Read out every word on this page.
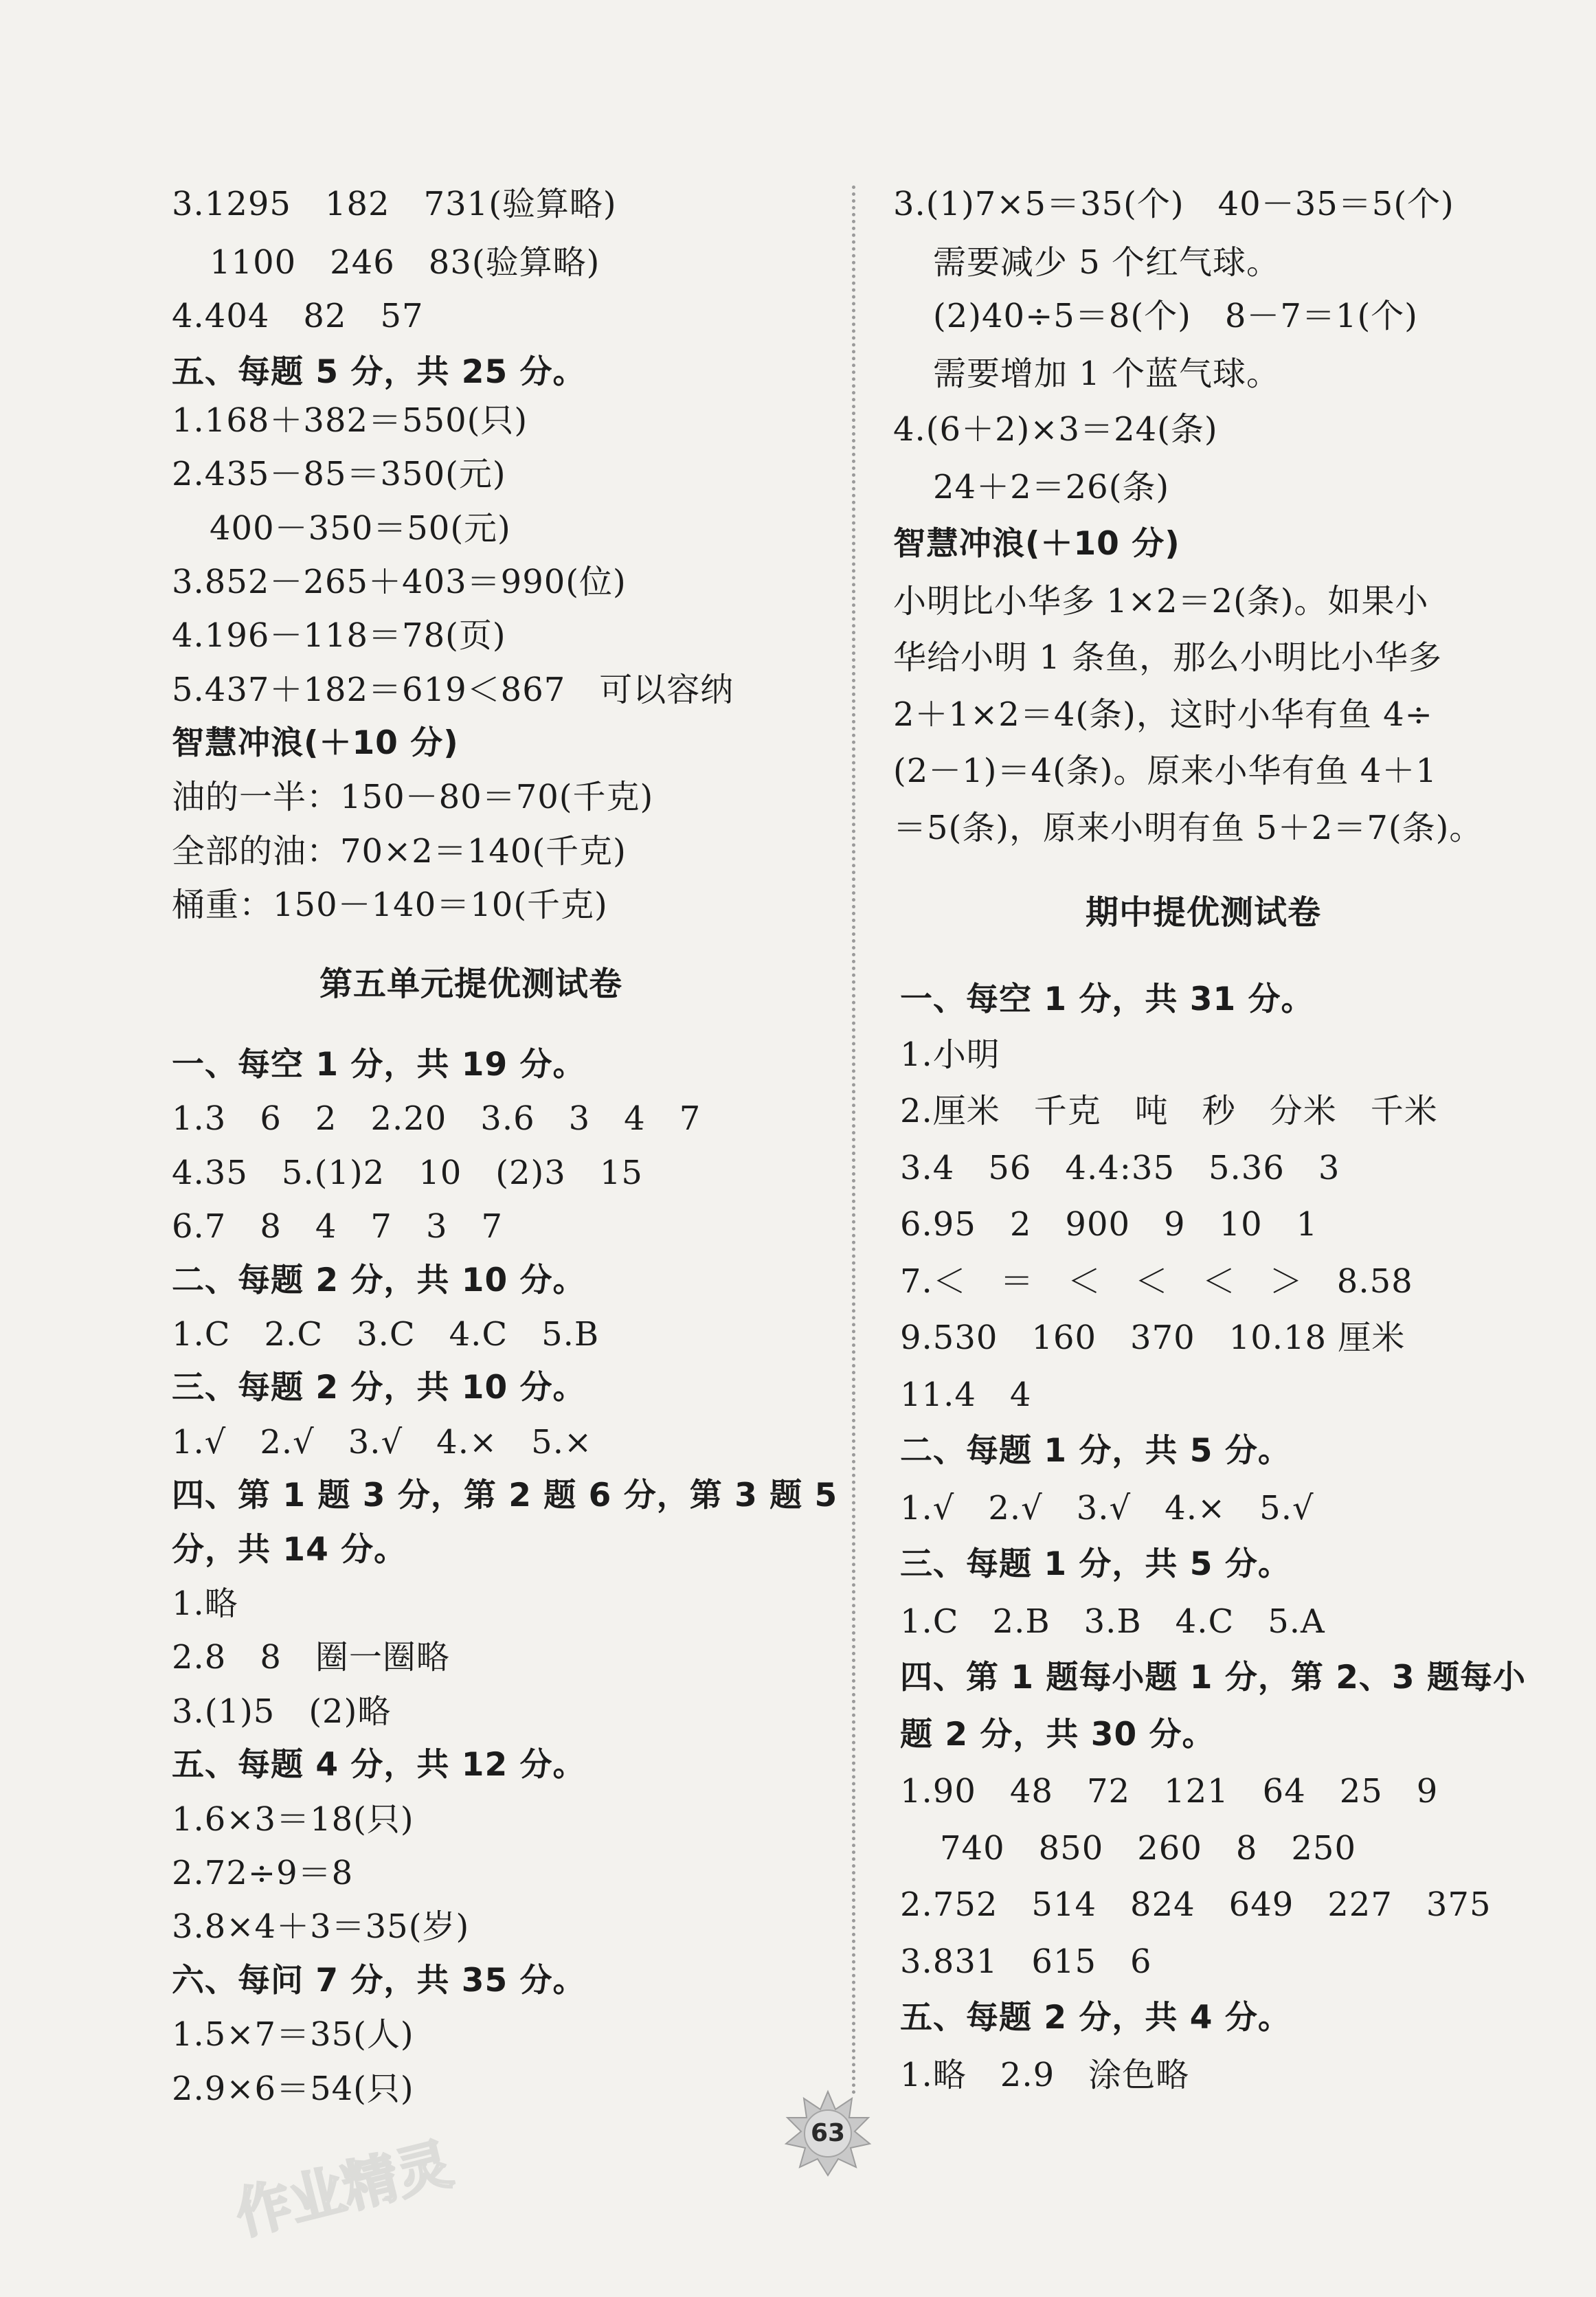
3.1295　182　731(验算略)
1100　246　83(验算略)
4.404　82　57
五、每题 5 分，共 25 分。
1.168＋382＝550(只)
2.435－85＝350(元)
400－350＝50(元)
3.852－265＋403＝990(位)
4.196－118＝78(页)
5.437＋182＝619＜867　可以容纳
智慧冲浪(＋10 分)
油的一半：150－80＝70(千克)
全部的油：70×2＝140(千克)
桶重：150－140＝10(千克)
第五单元提优测试卷
一、每空 1 分，共 19 分。
1.3　6　2　2.20　3.6　3　4　7
4.35　5.(1)2　10　(2)3　15
6.7　8　4　7　3　7
二、每题 2 分，共 10 分。
1.C　2.C　3.C　4.C　5.B
三、每题 2 分，共 10 分。
1.√　2.√　3.√　4.×　5.×
四、第 1 题 3 分，第 2 题 6 分，第 3 题 5
分，共 14 分。
1.略
2.8　8　圈一圈略
3.(1)5　(2)略
五、每题 4 分，共 12 分。
1.6×3＝18(只)
2.72÷9＝8
3.8×4＋3＝35(岁)
六、每问 7 分，共 35 分。
1.5×7＝35(人)
2.9×6＝54(只)
3.(1)7×5＝35(个)　40－35＝5(个)
需要减少 5 个红气球。
(2)40÷5＝8(个)　8－7＝1(个)
需要增加 1 个蓝气球。
4.(6＋2)×3＝24(条)
24＋2＝26(条)
智慧冲浪(＋10 分)
小明比小华多 1×2＝2(条)。如果小
华给小明 1 条鱼，那么小明比小华多
2＋1×2＝4(条)，这时小华有鱼 4÷
(2－1)＝4(条)。原来小华有鱼 4＋1
＝5(条)，原来小明有鱼 5＋2＝7(条)。
期中提优测试卷
一、每空 1 分，共 31 分。
1.小明
2.厘米　千克　吨　秒　分米　千米
3.4　56　4.4:35　5.36　3
6.95　2　900　9　10　1
7.＜　＝　＜　＜　＜　＞　8.58
9.530　160　370　10.18 厘米
11.4　4
二、每题 1 分，共 5 分。
1.√　2.√　3.√　4.×　5.√
三、每题 1 分，共 5 分。
1.C　2.B　3.B　4.C　5.A
四、第 1 题每小题 1 分，第 2、3 题每小
题 2 分，共 30 分。
1.90　48　72　121　64　25　9
740　850　260　8　250
2.752　514　824　649　227　375
3.831　615　6
五、每题 2 分，共 4 分。
1.略　2.9　涂色略
63
作业精灵
